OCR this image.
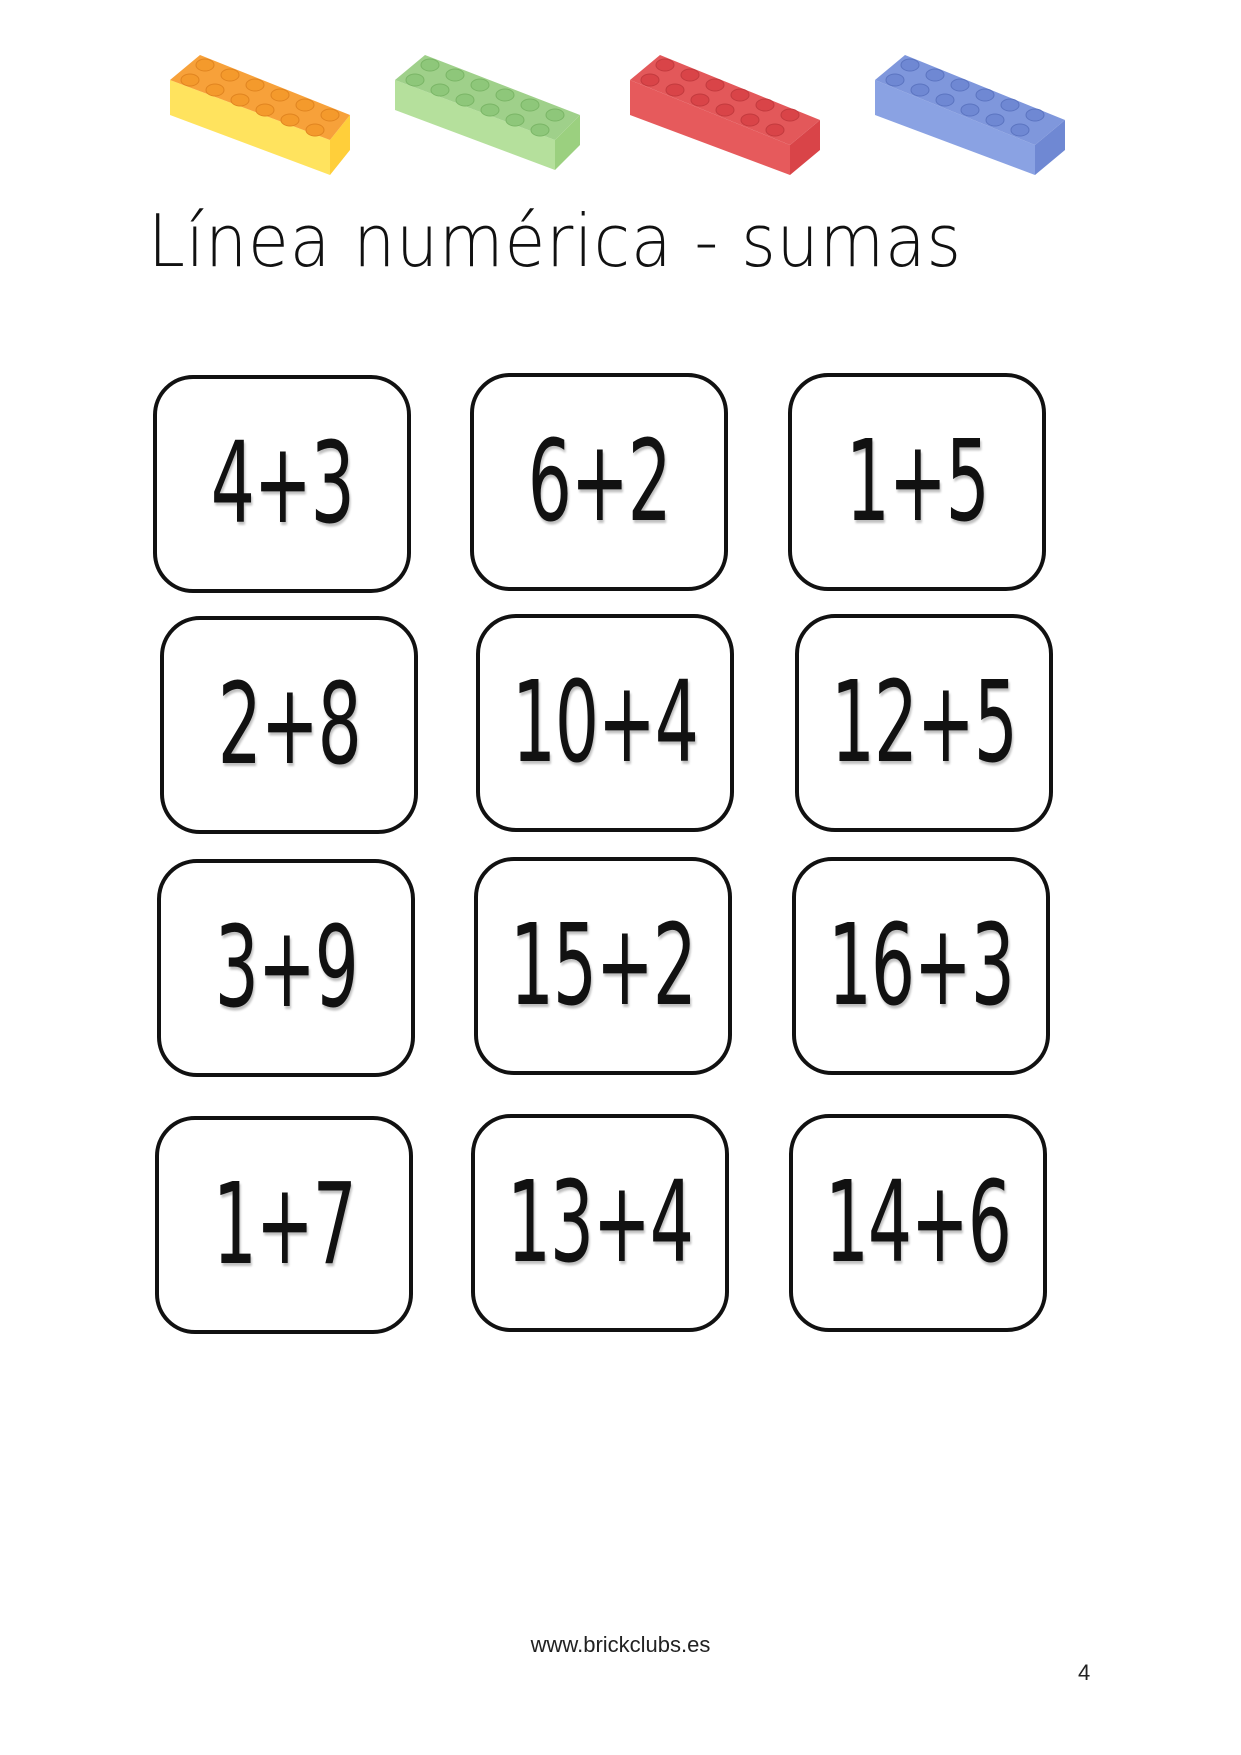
Línea numérica - sumas
4+3 6+2 1+5
2+8 10+4 12+5
3+9 15+2 16+3
1+7 13+4 14+6
www.brickclubs.es
4
